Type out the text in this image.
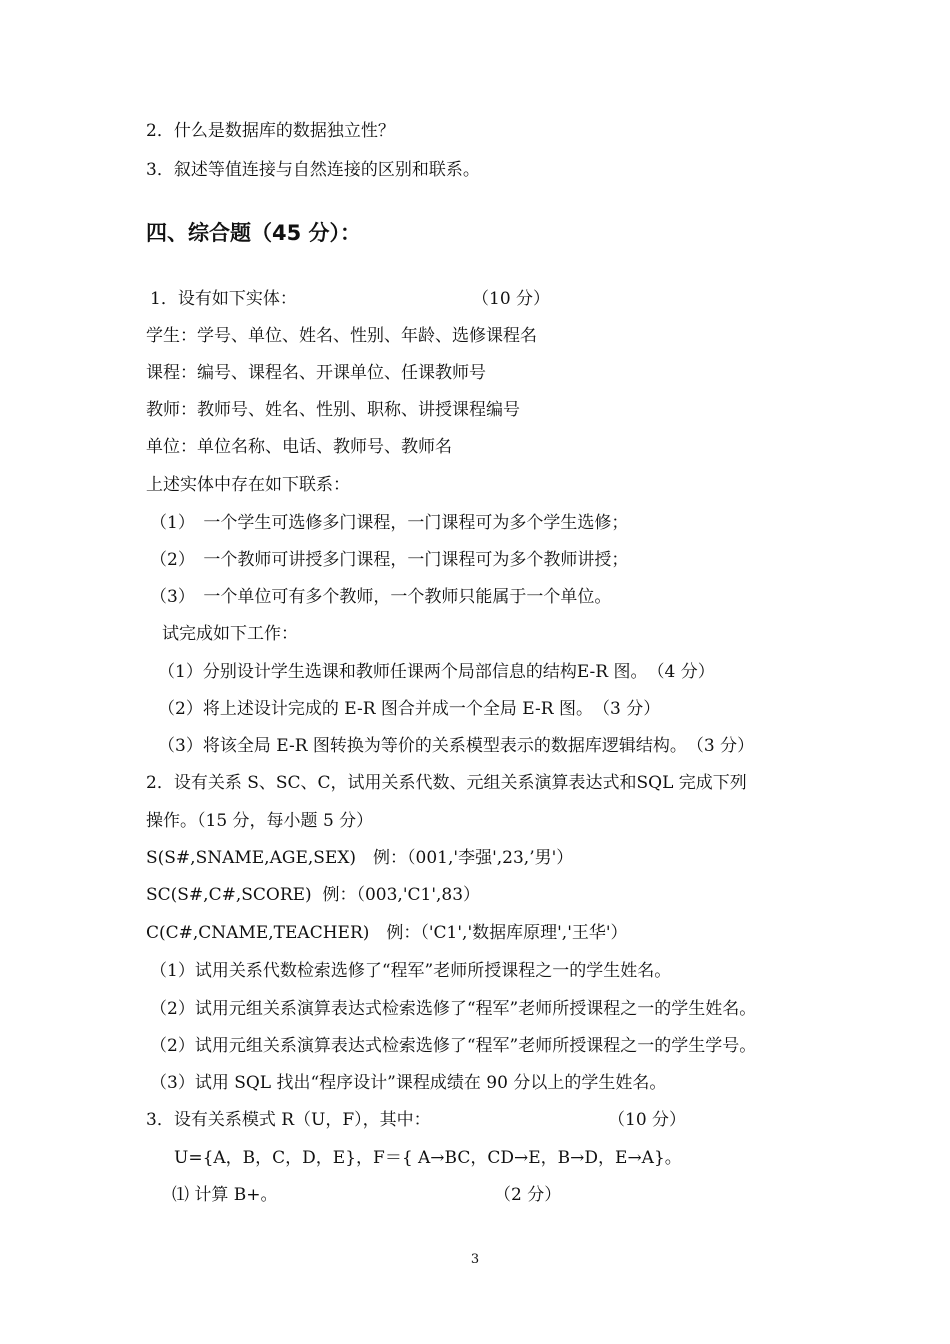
2．什么是数据库的数据独立性？
3．叙述等值连接与自然连接的区别和联系。
四、综合题（45 分）：
1．设有如下实体：	（10 分）
学生：学号、单位、姓名、性别、年龄、选修课程名
课程：编号、课程名、开课单位、任课教师号
教师：教师号、姓名、性别、职称、讲授课程编号
单位：单位名称、电话、教师号、教师名
上述实体中存在如下联系：
（1）　一个学生可选修多门课程，一门课程可为多个学生选修；
（2）　一个教师可讲授多门课程，一门课程可为多个教师讲授；
（3）　一个单位可有多个教师，一个教师只能属于一个单位。
试完成如下工作：
（1）分别设计学生选课和教师任课两个局部信息的结构E-R 图。　（4 分）
（2）将上述设计完成的 E-R 图合并成一个全局 E-R 图。　（3 分）
（3）将该全局 E-R 图转换为等价的关系模型表示的数据库逻辑结构。　（3 分）
2．设有关系 S、SC、C，试用关系代数、元组关系演算表达式和SQL 完成下列
操作。（15 分，每小题 5 分）
S(S#,SNAME,AGE,SEX)　例：（001,'李强',23,’男'）
SC(S#,C#,SCORE)  例：（003,'C1',83）
C(C#,CNAME,TEACHER)　例：（'C1','数据库原理','王华'）
（1）试用关系代数检索选修了“程军”老师所授课程之一的学生姓名。
（2）试用元组关系演算表达式检索选修了“程军”老师所授课程之一的学生姓名。
（2）试用元组关系演算表达式检索选修了“程军”老师所授课程之一的学生学号。
（3）试用 SQL 找出“程序设计”课程成绩在 90 分以上的学生姓名。
3．设有关系模式 R（U，F），其中：	（10 分）
U={A，B，C，D，E}，F＝{ A→BC，CD→E，B→D，E→A}。
⑴ 计算 B+。	（2 分）
3
